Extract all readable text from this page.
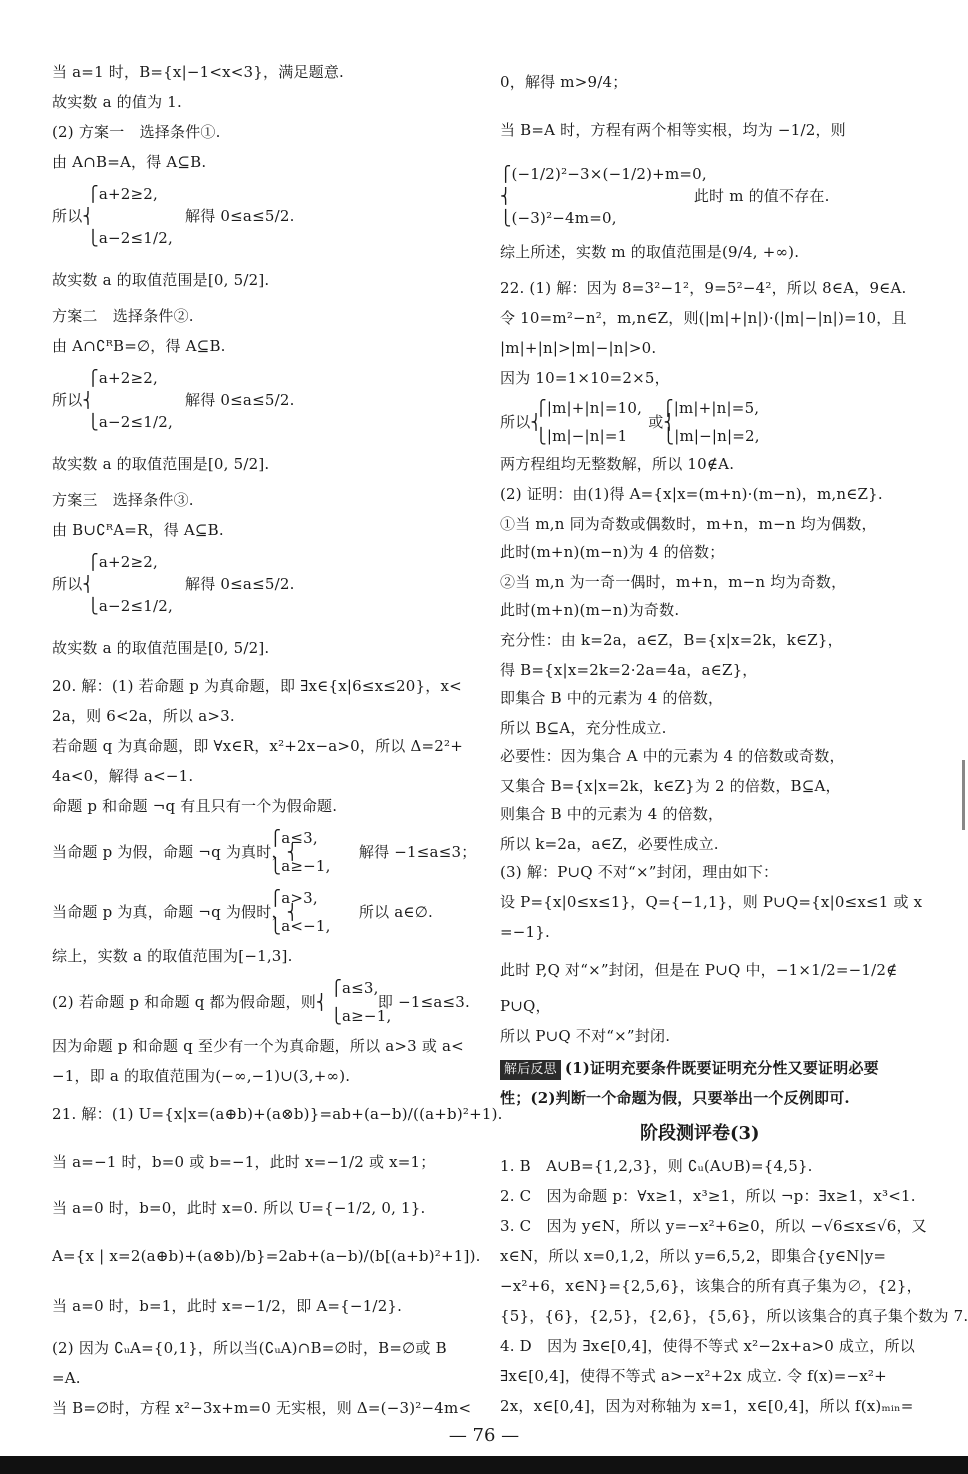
当 a=1 时，B={x|−1<x<3}，满足题意.
故实数 a 的值为 1.
(2) 方案一　选择条件①.
由 A∩B=A，得 A⊆B.
　　 ⎧a+2≥2,
所以⎨　　　　　　解得 0≤a≤5/2.
　　 ⎩a−2≤1/2,
故实数 a 的取值范围是[0, 5/2].
方案二　选择条件②.
由 A∩∁ᴿB=∅，得 A⊆B.
　　 ⎧a+2≥2,
所以⎨　　　　　　解得 0≤a≤5/2.
　　 ⎩a−2≤1/2,
故实数 a 的取值范围是[0, 5/2].
方案三　选择条件③.
由 B∪∁ᴿA=R，得 A⊆B.
　　 ⎧a+2≥2,
所以⎨　　　　　　解得 0≤a≤5/2.
　　 ⎩a−2≤1/2,
故实数 a 的取值范围是[0, 5/2].
20. 解：(1) 若命题 p 为真命题，即 ∃x∈{x|6≤x≤20}，x<
2a，则 6<2a，所以 a>3.
若命题 q 为真命题，即 ∀x∈R，x²+2x−a>0，所以 Δ=2²+
4a<0，解得 a<−1.
命题 p 和命题 ¬q 有且只有一个为假命题.
　　　　　　　　　　　　　　 ⎧a≤3,
当命题 p 为假，命题 ¬q 为真时，⎨　　　　解得 −1≤a≤3；
　　　　　　　　　　　　　　 ⎩a≥−1,
　　　　　　　　　　　　　　 ⎧a>3,
当命题 p 为真，命题 ¬q 为假时，⎨　　　　所以 a∈∅.
　　　　　　　　　　　　　　 ⎩a<−1,
综上，实数 a 的取值范围为[−1,3].
　　　　　　　　　　　　　　　　　　 ⎧a≤3,
(2) 若命题 p 和命题 q 都为假命题，则⎨　　　 即 −1≤a≤3.
　　　　　　　　　　　　　　　　　　 ⎩a≥−1,
因为命题 p 和命题 q 至少有一个为真命题，所以 a>3 或 a<
−1，即 a 的取值范围为(−∞,−1)∪(3,+∞).
21. 解：(1) U={x|x=(a⊕b)+(a⊗b)}=ab+(a−b)/((a+b)²+1).
当 a=−1 时，b=0 或 b=−1，此时 x=−1/2 或 x=1；
当 a=0 时，b=0，此时 x=0. 所以 U={−1/2, 0, 1}.
A={x | x=2(a⊕b)+(a⊗b)/b}=2ab+(a−b)/(b[(a+b)²+1]).
当 a=0 时，b=1，此时 x=−1/2，即 A={−1/2}.
(2) 因为 ∁ᵤA={0,1}，所以当(∁ᵤA)∩B=∅时，B=∅或 B
=A.
当 B=∅时，方程 x²−3x+m=0 无实根，则 Δ=(−3)²−4m<
解后反思 (1)证明充要条件既要证明充分性又要证明必要
性；(2)判断一个命题为假，只要举出一个反例即可.
阶段测评卷(3)
0，解得 m>9/4；
当 B=A 时，方程有两个相等实根，均为 −1/2，则
⎧(−1/2)²−3×(−1/2)+m=0,
⎨　　　　　　　　　　　　此时 m 的值不存在.
⎩(−3)²−4m=0,
综上所述，实数 m 的取值范围是(9/4, +∞).
22. (1) 解：因为 8=3²−1²，9=5²−4²，所以 8∈A，9∈A.
令 10=m²−n²，m,n∈Z，则(|m|+|n|)·(|m|−|n|)=10，且
|m|+|n|>|m|−|n|>0.
因为 10=1×10=2×5，
　　 ⎧|m|+|n|=10,　 ⎧|m|+|n|=5,
所以⎨　　　　　　　或⎨
　　 ⎩|m|−|n|=1　　 ⎩|m|−|n|=2,
两方程组均无整数解，所以 10∉A.
(2) 证明：由(1)得 A={x|x=(m+n)·(m−n)，m,n∈Z}.
①当 m,n 同为奇数或偶数时，m+n，m−n 均为偶数，
此时(m+n)(m−n)为 4 的倍数；
②当 m,n 为一奇一偶时，m+n，m−n 均为奇数，
此时(m+n)(m−n)为奇数.
充分性：由 k=2a，a∈Z，B={x|x=2k，k∈Z}，
得 B={x|x=2k=2·2a=4a，a∈Z}，
即集合 B 中的元素为 4 的倍数，
所以 B⊆A，充分性成立.
必要性：因为集合 A 中的元素为 4 的倍数或奇数，
又集合 B={x|x=2k，k∈Z}为 2 的倍数，B⊆A，
则集合 B 中的元素为 4 的倍数，
所以 k=2a，a∈Z，必要性成立.
(3) 解：P∪Q 不对“×”封闭，理由如下：
设 P={x|0≤x≤1}，Q={−1,1}，则 P∪Q={x|0≤x≤1 或 x
=−1}.
此时 P,Q 对“×”封闭，但是在 P∪Q 中，−1×1/2=−1/2∉
P∪Q，
所以 P∪Q 不对“×”封闭.
1. B　A∪B={1,2,3}，则 ∁ᵤ(A∪B)={4,5}.
2. C　因为命题 p：∀x≥1，x³≥1，所以 ¬p：∃x≥1，x³<1.
3. C　因为 y∈N，所以 y=−x²+6≥0，所以 −√6≤x≤√6，又
x∈N，所以 x=0,1,2，所以 y=6,5,2，即集合{y∈N|y=
−x²+6，x∈N}={2,5,6}，该集合的所有真子集为∅，{2}，
{5}，{6}，{2,5}，{2,6}，{5,6}，所以该集合的真子集个数为 7.
4. D　因为 ∃x∈[0,4]，使得不等式 x²−2x+a>0 成立，所以
∃x∈[0,4]，使得不等式 a>−x²+2x 成立. 令 f(x)=−x²+
2x，x∈[0,4]，因为对称轴为 x=1，x∈[0,4]，所以 f(x)ₘᵢₙ=
— 76 —
